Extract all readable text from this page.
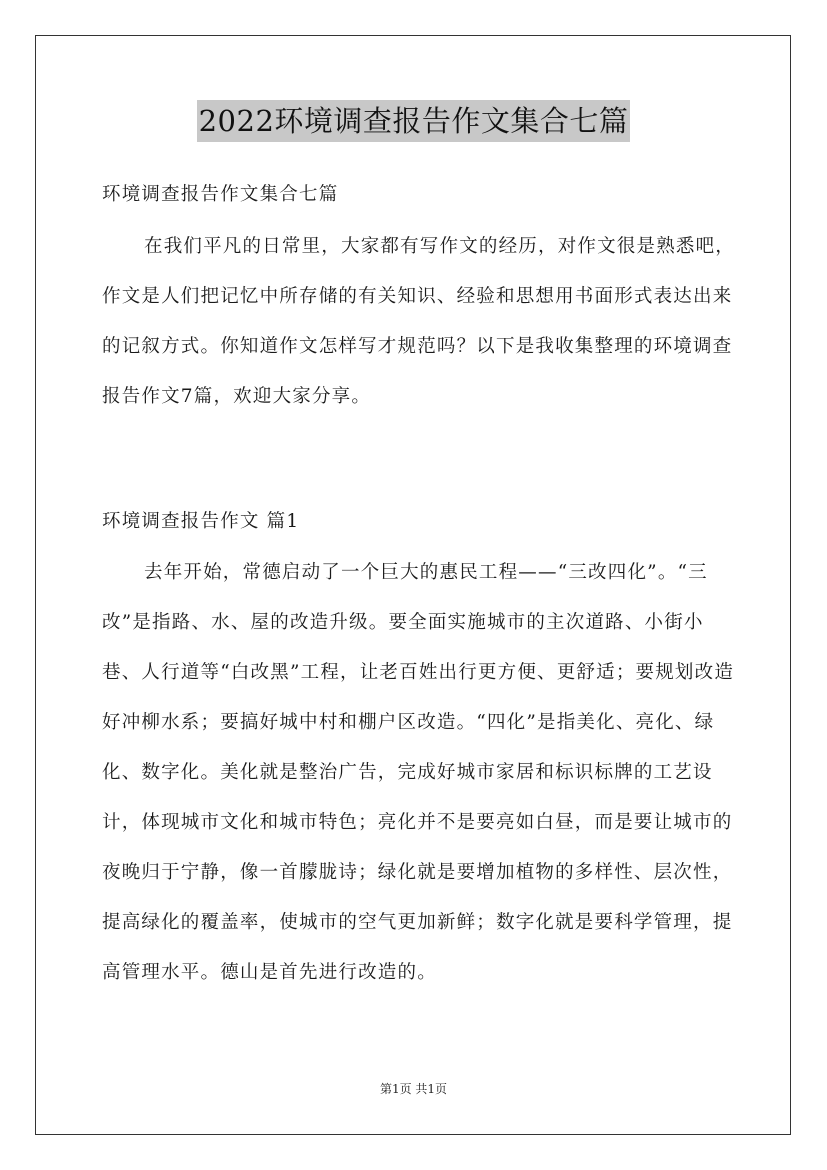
2022环境调查报告作文集合七篇
环境调查报告作文集合七篇

在我们平凡的日常里，大家都有写作文的经历，对作文很是熟悉吧，作文是人们把记忆中所存储的有关知识、经验和思想用书面形式表达出来的记叙方式。你知道作文怎样写才规范吗？以下是我收集整理的环境调查报告作文7篇，欢迎大家分享。

环境调查报告作文 篇1

去年开始，常德启动了一个巨大的惠民工程——“三改四化”。“三改”是指路、水、屋的改造升级。要全面实施城市的主次道路、小街小巷、人行道等“白改黑”工程，让老百姓出行更方便、更舒适；要规划改造好冲柳水系；要搞好城中村和棚户区改造。“四化”是指美化、亮化、绿化、数字化。美化就是整治广告，完成好城市家居和标识标牌的工艺设计，体现城市文化和城市特色；亮化并不是要亮如白昼，而是要让城市的夜晚归于宁静，像一首朦胧诗；绿化就是要增加植物的多样性、层次性，提高绿化的覆盖率，使城市的空气更加新鲜；数字化就是要科学管理，提高管理水平。德山是首先进行改造的。

第1页 共1页
